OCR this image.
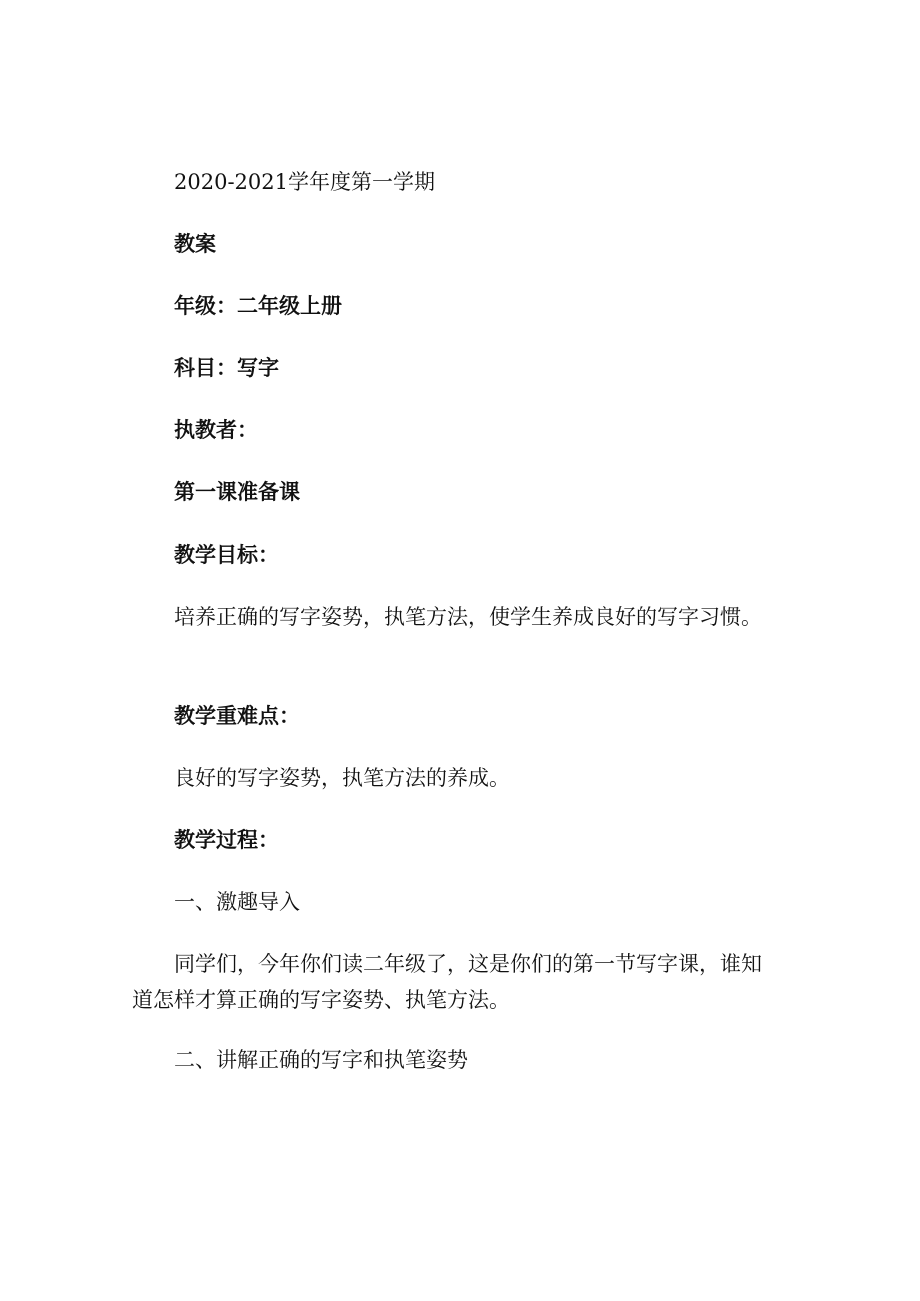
2020-2021学年度第一学期
教案
年级：二年级上册
科目：写字
执教者：
第一课准备课
教学目标：
培养正确的写字姿势，执笔方法，使学生养成良好的写字习惯。
教学重难点：
良好的写字姿势，执笔方法的养成。
教学过程：
一、激趣导入
同学们，今年你们读二年级了，这是你们的第一节写字课，谁知道怎样才算正确的写字姿势、执笔方法。
二、讲解正确的写字和执笔姿势
